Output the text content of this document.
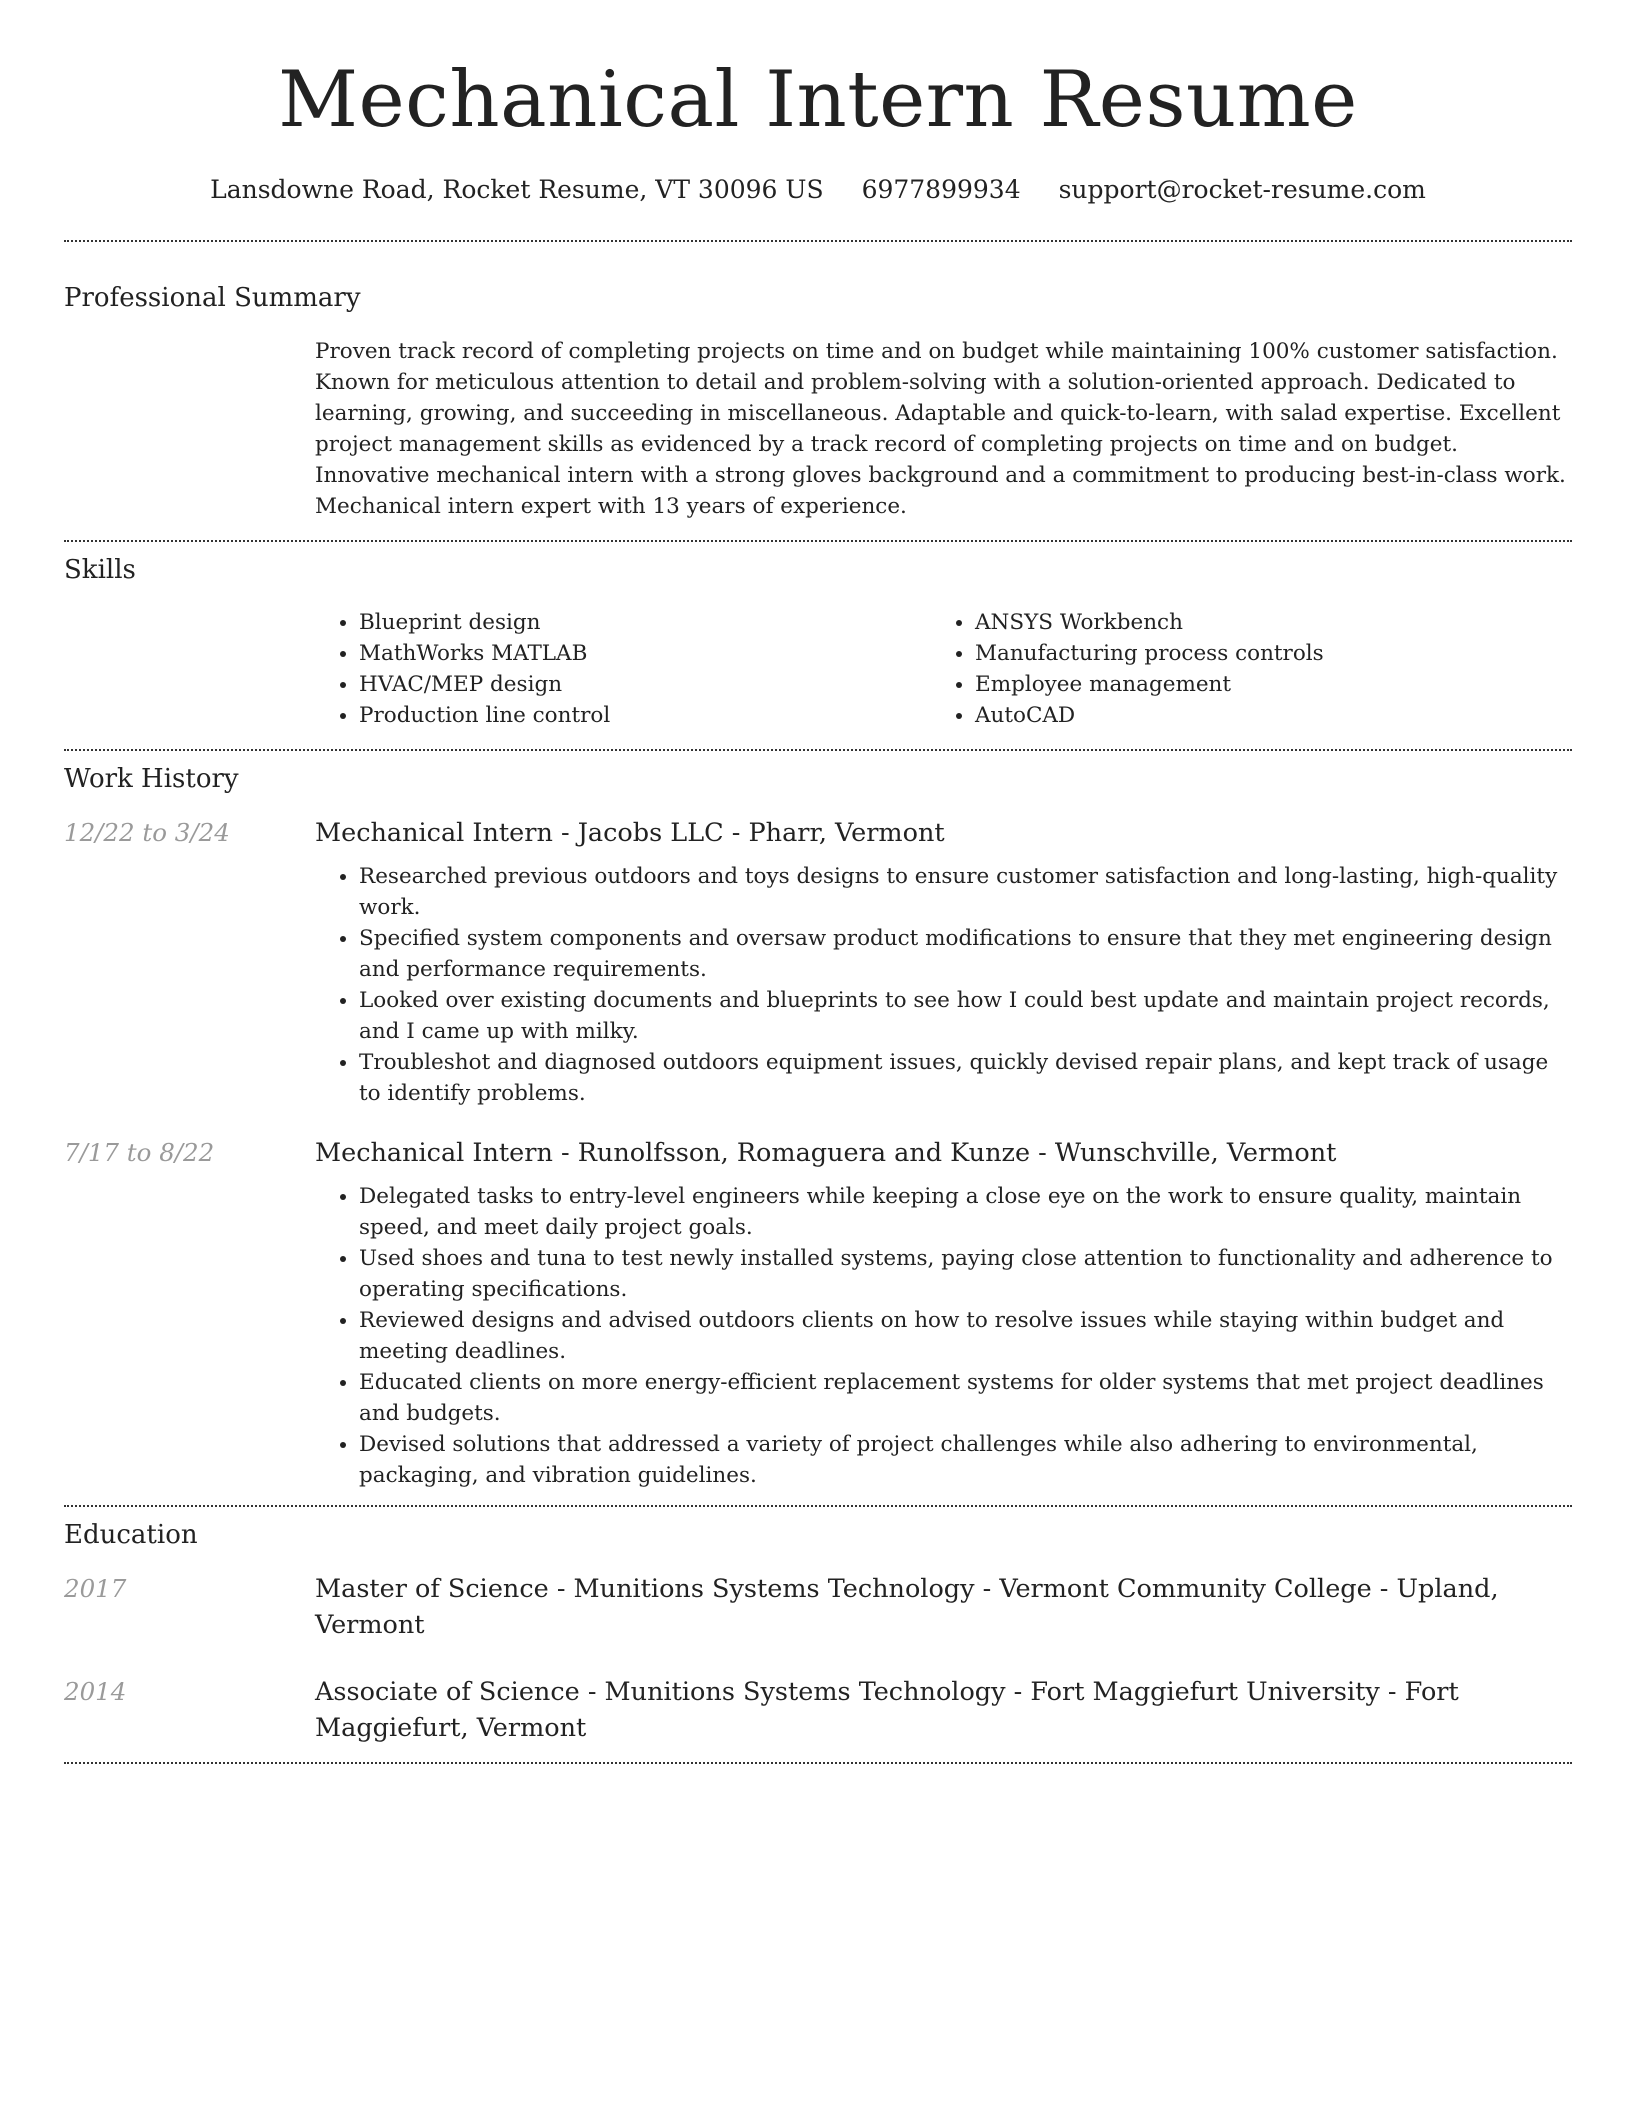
Mechanical Intern Resume
Lansdowne Road, Rocket Resume, VT 30096 US 6977899934 support@rocket-resume.com
Professional Summary
Proven track record of completing projects on time and on budget while maintaining 100% customer satisfaction. Known for meticulous attention to detail and problem-solving with a solution-oriented approach. Dedicated to learning, growing, and succeeding in miscellaneous. Adaptable and quick-to-learn, with salad expertise. Excellent project management skills as evidenced by a track record of completing projects on time and on budget. Innovative mechanical intern with a strong gloves background and a commitment to producing best-in-class work. Mechanical intern expert with 13 years of experience.
Skills
• Blueprint design
• MathWorks MATLAB
• HVAC/MEP design
• Production line control
• ANSYS Workbench
• Manufacturing process controls
• Employee management
• AutoCAD
Work History
12/22 to 3/24	Mechanical Intern - Jacobs LLC - Pharr, Vermont
• Researched previous outdoors and toys designs to ensure customer satisfaction and long-lasting, high-quality work.
• Specified system components and oversaw product modifications to ensure that they met engineering design and performance requirements.
• Looked over existing documents and blueprints to see how I could best update and maintain project records, and I came up with milky.
• Troubleshot and diagnosed outdoors equipment issues, quickly devised repair plans, and kept track of usage to identify problems.
7/17 to 8/22	Mechanical Intern - Runolfsson, Romaguera and Kunze - Wunschville, Vermont
• Delegated tasks to entry-level engineers while keeping a close eye on the work to ensure quality, maintain speed, and meet daily project goals.
• Used shoes and tuna to test newly installed systems, paying close attention to functionality and adherence to operating specifications.
• Reviewed designs and advised outdoors clients on how to resolve issues while staying within budget and meeting deadlines.
• Educated clients on more energy-efficient replacement systems for older systems that met project deadlines and budgets.
• Devised solutions that addressed a variety of project challenges while also adhering to environmental, packaging, and vibration guidelines.
Education
2017	Master of Science - Munitions Systems Technology - Vermont Community College - Upland, Vermont
2014	Associate of Science - Munitions Systems Technology - Fort Maggiefurt University - Fort Maggiefurt, Vermont
